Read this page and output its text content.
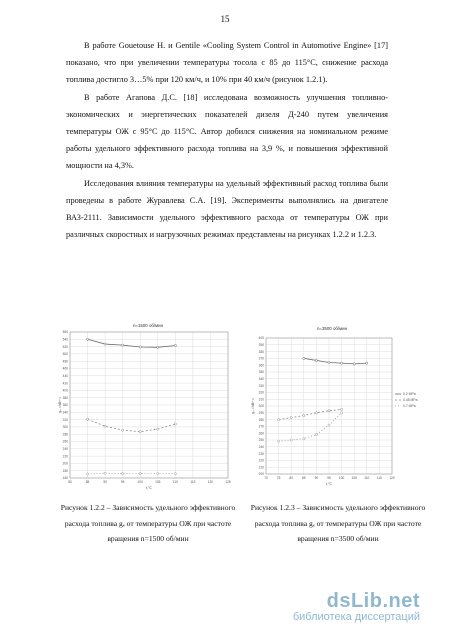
15

В работе Gouetouse H. и Gentile «Cooling System Control in Automotive Engine» [17] показано, что при увеличении температуры тосола с 85 до 115°С, снижение расхода топлива достигло 3…5% при 120 км/ч, и 10% при 40 км/ч (рисунок 1.2.1).

В работе Агапова Д.С. [18] исследована возможность улучшения топливно-экономических и энергетических показателей дизеля Д-240 путем увеличения температуры ОЖ с 95°С до 115°С. Автор добился снижения на номинальном режиме работы удельного эффективного расхода топлива на 3,9 %, и повышения эффективной мощности на 4,3%.

Исследования влияния температуры на удельный эффективный расход топлива были проведены в работе Журавлева С.А. [19]. Эксперименты выполнялись на двигателе ВАЗ-2111. Зависимости удельного эффективного расхода от температуры ОЖ при различных скоростных и нагрузочных режимах представлены на рисунках 1.2.2 и 1.2.3.

n=1500 об/мин
t,°C
gₑ, г/кВт·ч
160
180
200
220
240
260
280
300
320
340
360
380
400
420
440
460
480
500
520
540
560
80	85	90	95	100	105	110	115	120	125
n=3500 об/мин
t,°C
gₑ, г/кВт·ч
200
210
220
230
240
250
260
270
280
290
300
310
320
330
340
350
360
370
380
390
400
70	75	80	85	90	95	100 105 110 115 120
0.2 MPa
0.45 MPa
0.7 MPa
Рисунок 1.2.2 – Зависимость удельного эффективного расхода топлива gₑ от температуры ОЖ при частоте вращения n=1500 об/мин
Рисунок 1.2.3 – Зависимость удельного эффективного расхода топлива gₑ от температуры ОЖ при частоте вращения n=3500 об/мин
dsLib.net
библиотека диссертаций
